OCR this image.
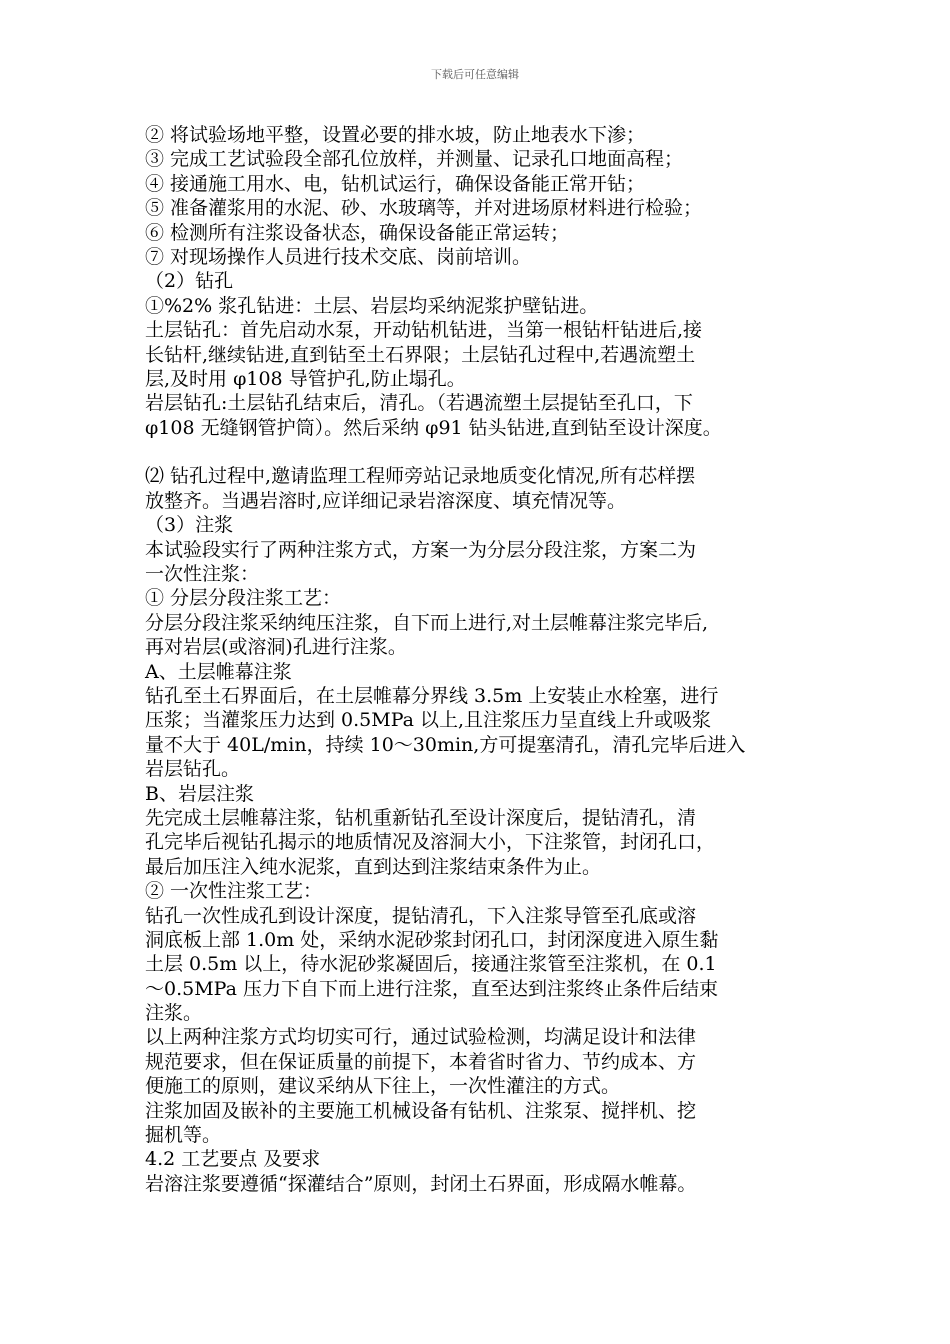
下载后可任意编辑
② 将试验场地平整，设置必要的排水坡，防止地表水下渗；
③ 完成工艺试验段全部孔位放样，并测量、记录孔口地面高程；
④ 接通施工用水、电，钻机试运行，确保设备能正常开钻；
⑤ 准备灌浆用的水泥、砂、水玻璃等，并对进场原材料进行检验；
⑥ 检测所有注浆设备状态，确保设备能正常运转；
⑦ 对现场操作人员进行技术交底、岗前培训。
（2）钻孔
①%2% 浆孔钻进：土层、岩层均采纳泥浆护壁钻进。
土层钻孔：首先启动水泵，开动钻机钻进，当第一根钻杆钻进后,接
长钻杆,继续钻进,直到钻至土石界限；土层钻孔过程中,若遇流塑土
层,及时用 φ108 导管护孔,防止塌孔。
岩层钻孔:土层钻孔结束后，清孔。（若遇流塑土层提钻至孔口，下
φ108 无缝钢管护筒）。然后采纳 φ91 钻头钻进,直到钻至设计深度。
⑵ 钻孔过程中,邀请监理工程师旁站记录地质变化情况,所有芯样摆
放整齐。当遇岩溶时,应详细记录岩溶深度、填充情况等。
（3）注浆
本试验段实行了两种注浆方式，方案一为分层分段注浆，方案二为
一次性注浆：
① 分层分段注浆工艺：
分层分段注浆采纳纯压注浆，自下而上进行,对土层帷幕注浆完毕后,
再对岩层(或溶洞)孔进行注浆。
A、土层帷幕注浆
钻孔至土石界面后，在土层帷幕分界线 3.5m 上安装止水栓塞，进行
压浆；当灌浆压力达到 0.5MPa 以上,且注浆压力呈直线上升或吸浆
量不大于 40L/min，持续 10～30min,方可提塞清孔，清孔完毕后进入
岩层钻孔。
B、岩层注浆
先完成土层帷幕注浆，钻机重新钻孔至设计深度后，提钻清孔，清
孔完毕后视钻孔揭示的地质情况及溶洞大小，下注浆管，封闭孔口，
最后加压注入纯水泥浆，直到达到注浆结束条件为止。
② 一次性注浆工艺：
钻孔一次性成孔到设计深度，提钻清孔，下入注浆导管至孔底或溶
洞底板上部 1.0m 处，采纳水泥砂浆封闭孔口，封闭深度进入原生黏
土层 0.5m 以上，待水泥砂浆凝固后，接通注浆管至注浆机，在 0.1
～0.5MPa 压力下自下而上进行注浆，直至达到注浆终止条件后结束
注浆。
以上两种注浆方式均切实可行，通过试验检测，均满足设计和法律
规范要求，但在保证质量的前提下，本着省时省力、节约成本、方
便施工的原则，建议采纳从下往上，一次性灌注的方式。
注浆加固及嵌补的主要施工机械设备有钻机、注浆泵、搅拌机、挖
掘机等。
4.2 工艺要点 及要求
岩溶注浆要遵循“探灌结合”原则，封闭土石界面，形成隔水帷幕。
